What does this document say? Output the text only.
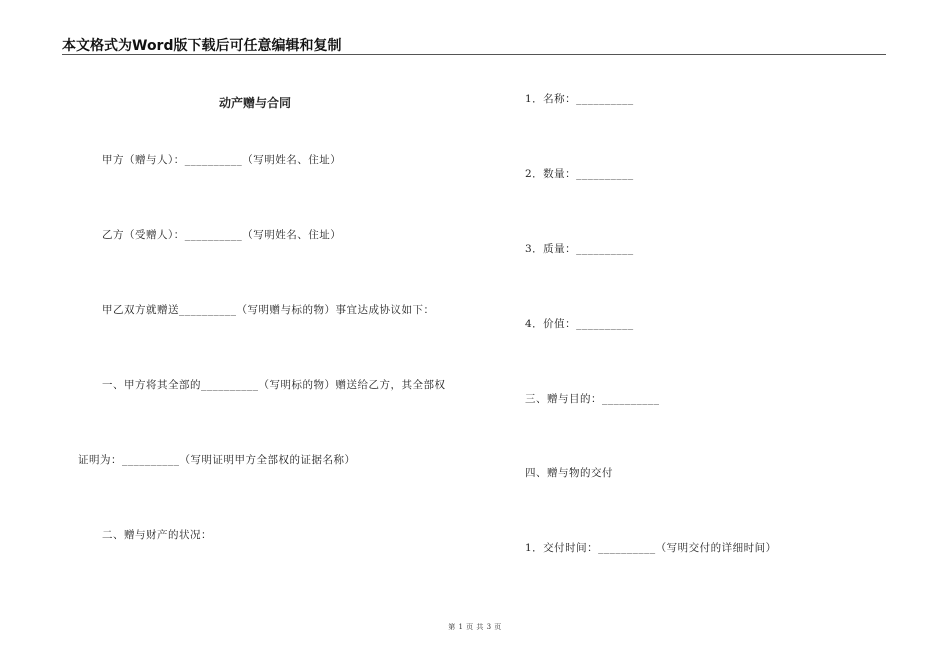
本文格式为Word版下载后可任意编辑和复制
动产赠与合同
甲方（赠与人）：__________（写明姓名、住址）
乙方（受赠人）：__________（写明姓名、住址）
甲乙双方就赠送__________（写明赠与标的物）事宜达成协议如下：
一、甲方将其全部的__________（写明标的物）赠送给乙方，其全部权
证明为：__________（写明证明甲方全部权的证据名称）
二、赠与财产的状况：
1．名称：__________
2．数量：__________
3．质量：__________
4．价值：__________
三、赠与目的：__________
四、赠与物的交付
1．交付时间：__________（写明交付的详细时间）
第 1 页 共 3 页
